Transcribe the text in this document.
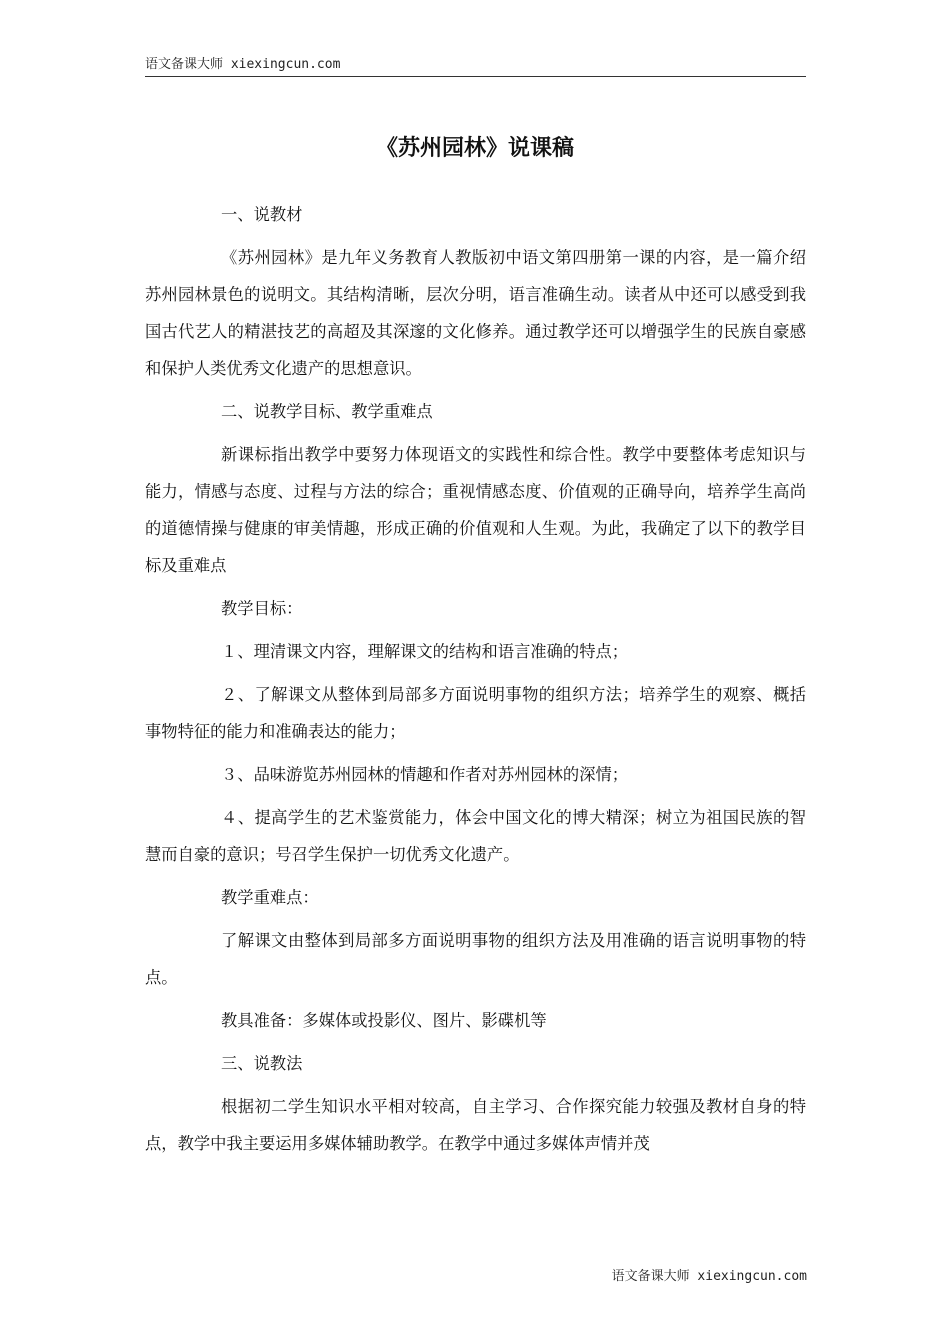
语文备课大师 xiexingcun.com
《苏州园林》说课稿

一、说教材

《苏州园林》是九年义务教育人教版初中语文第四册第一课的内容，是一篇介绍苏州园林景色的说明文。其结构清晰，层次分明，语言准确生动。读者从中还可以感受到我国古代艺人的精湛技艺的高超及其深邃的文化修养。通过教学还可以增强学生的民族自豪感和保护人类优秀文化遗产的思想意识。

二、说教学目标、教学重难点

新课标指出教学中要努力体现语文的实践性和综合性。教学中要整体考虑知识与能力，情感与态度、过程与方法的综合；重视情感态度、价值观的正确导向，培养学生高尚的道德情操与健康的审美情趣，形成正确的价值观和人生观。为此，我确定了以下的教学目标及重难点

教学目标：

１、理清课文内容，理解课文的结构和语言准确的特点；

２、了解课文从整体到局部多方面说明事物的组织方法；培养学生的观察、概括事物特征的能力和准确表达的能力；

３、品味游览苏州园林的情趣和作者对苏州园林的深情；

４、提高学生的艺术鉴赏能力，体会中国文化的博大精深；树立为祖国民族的智慧而自豪的意识；号召学生保护一切优秀文化遗产。

教学重难点：

了解课文由整体到局部多方面说明事物的组织方法及用准确的语言说明事物的特点。

教具准备：多媒体或投影仪、图片、影碟机等

三、说教法

根据初二学生知识水平相对较高，自主学习、合作探究能力较强及教材自身的特点，教学中我主要运用多媒体辅助教学。在教学中通过多媒体声情并茂

语文备课大师 xiexingcun.com
